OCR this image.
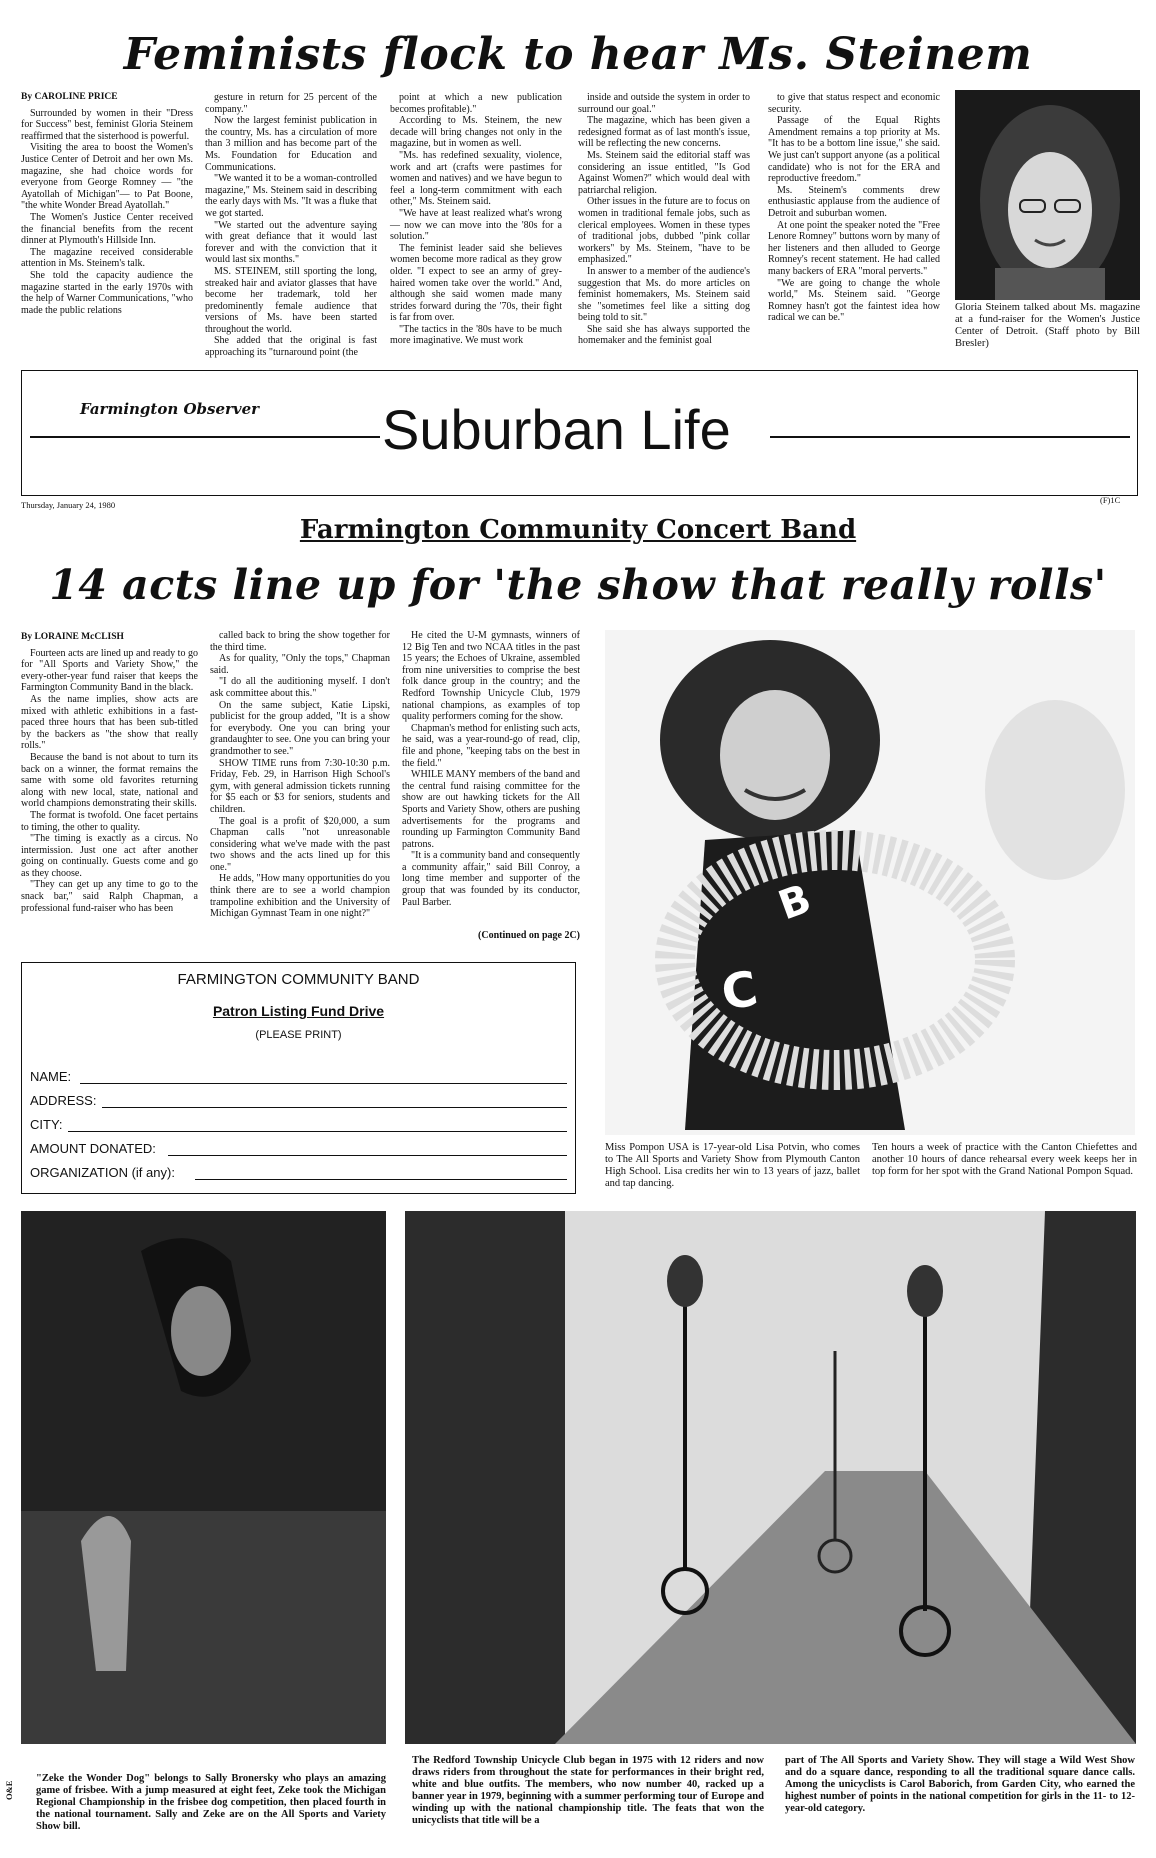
Feminists flock to hear Ms. Steinem
By CAROLINE PRICE

Surrounded by women in their "Dress for Success" best, feminist Gloria Steinem reaffirmed that the sisterhood is powerful.

Visiting the area to boost the Women's Justice Center of Detroit and her own Ms. magazine, she had choice words for everyone from George Romney — "the Ayatollah of Michigan"— to Pat Boone, "the white Wonder Bread Ayatollah."

The Women's Justice Center received the financial benefits from the recent dinner at Plymouth's Hillside Inn.

The magazine received considerable attention in Ms. Steinem's talk.

She told the capacity audience the magazine started in the early 1970s with the help of Warner Communications, "who made the public relations

gesture in return for 25 percent of the company."

Now the largest feminist publication in the country, Ms. has a circulation of more than 3 million and has become part of the Ms. Foundation for Education and Communications.

"We wanted it to be a woman-controlled magazine," Ms. Steinem said in describing the early days with Ms. "It was a fluke that we got started.

"We started out the adventure saying with great defiance that it would last forever and with the conviction that it would last six months."

MS. STEINEM, still sporting the long, streaked hair and aviator glasses that have become her trademark, told her predominently female audience that versions of Ms. have been started throughout the world.

She added that the original is fast approaching its "turnaround point (the

point at which a new publication becomes profitable)."

According to Ms. Steinem, the new decade will bring changes not only in the magazine, but in women as well.

"Ms. has redefined sexuality, violence, work and art (crafts were pastimes for women and natives) and we have begun to feel a long-term commitment with each other," Ms. Steinem said.

"We have at least realized what's wrong — now we can move into the '80s for a solution."

The feminist leader said she believes women become more radical as they grow older. "I expect to see an army of grey-haired women take over the world." And, although she said women made many strides forward during the '70s, their fight is far from over.

"The tactics in the '80s have to be much more imaginative. We must work

inside and outside the system in order to surround our goal."

The magazine, which has been given a redesigned format as of last month's issue, will be reflecting the new concerns.

Ms. Steinem said the editorial staff was considering an issue entitled, "Is God Against Women?" which would deal with patriarchal religion.

Other issues in the future are to focus on women in traditional female jobs, such as clerical employees. Women in these types of traditional jobs, dubbed "pink collar workers" by Ms. Steinem, "have to be emphasized."

In answer to a member of the audience's suggestion that Ms. do more articles on feminist homemakers, Ms. Steinem said she "sometimes feel like a sitting dog being told to sit."

She said she has always supported the homemaker and the feminist goal

to give that status respect and economic security.

Passage of the Equal Rights Amendment remains a top priority at Ms. "It has to be a bottom line issue," she said. We just can't support anyone (as a political candidate) who is not for the ERA and reproductive freedom."

Ms. Steinem's comments drew enthusiastic applause from the audience of Detroit and suburban women.

At one point the speaker noted the "Free Lenore Romney" buttons worn by many of her listeners and then alluded to George Romney's recent statement. He had called many backers of ERA "moral perverts."

"We are going to change the whole world," Ms. Steinem said. "George Romney hasn't got the faintest idea how radical we can be."

Gloria Steinem talked about Ms. magazine at a fund-raiser for the Women's Justice Center of Detroit. (Staff photo by Bill Bresler)
Farmington Observer Suburban Life
Thursday, January 24, 1980	(F)1C
Farmington Community Concert Band
14 acts line up for 'the show that really rolls'
By LORAINE McCLISH

Fourteen acts are lined up and ready to go for "All Sports and Variety Show," the every-other-year fund raiser that keeps the Farmington Community Band in the black.

As the name implies, show acts are mixed with athletic exhibitions in a fast-paced three hours that has been sub-titled by the backers as "the show that really rolls."

Because the band is not about to turn its back on a winner, the format remains the same with some old favorites returning along with new local, state, national and world champions demonstrating their skills.

The format is twofold. One facet pertains to timing, the other to quality.

"The timing is exactly as a circus. No intermission. Just one act after another going on continually. Guests come and go as they choose.

"They can get up any time to go to the snack bar," said Ralph Chapman, a professional fund-raiser who has been

called back to bring the show together for the third time.

As for quality, "Only the tops," Chapman said.

"I do all the auditioning myself. I don't ask committee about this."

On the same subject, Katie Lipski, publicist for the group added, "It is a show for everybody. One you can bring your grandaughter to see. One you can bring your grandmother to see."

SHOW TIME runs from 7:30-10:30 p.m. Friday, Feb. 29, in Harrison High School's gym, with general admission tickets running for $5 each or $3 for seniors, students and children.

The goal is a profit of $20,000, a sum Chapman calls "not unreasonable considering what we've made with the past two shows and the acts lined up for this one."

He adds, "How many opportunities do you think there are to see a world champion trampoline exhibition and the University of Michigan Gymnast Team in one night?"

He cited the U-M gymnasts, winners of 12 Big Ten and two NCAA titles in the past 15 years; the Echoes of Ukraine, assembled from nine universities to comprise the best folk dance group in the country; and the Redford Township Unicycle Club, 1979 national champions, as examples of top quality performers coming for the show.

Chapman's method for enlisting such acts, he said, was a year-round-go of read, clip, file and phone, "keeping tabs on the best in the field."

WHILE MANY members of the band and the central fund raising committee for the show are out hawking tickets for the All Sports and Variety Show, others are pushing advertisements for the programs and rounding up Farmington Community Band patrons.

"It is a community band and consequently a community affair," said Bill Conroy, a long time member and supporter of the group that was founded by its conductor, Paul Barber.

(Continued on page 2C)
FARMINGTON COMMUNITY BAND
Patron Listing Fund Drive
(PLEASE PRINT)
NAME:
ADDRESS:
CITY:
AMOUNT DONATED:
ORGANIZATION (if any):
B
C
Miss Pompon USA is 17-year-old Lisa Potvin, who comes to The All Sports and Variety Show from Plymouth Canton High School. Lisa credits her win to 13 years of jazz, ballet and tap dancing.
Ten hours a week of practice with the Canton Chiefettes and another 10 hours of dance rehearsal every week keeps her in top form for her spot with the Grand National Pompon Squad.
"Zeke the Wonder Dog" belongs to Sally Bronersky who plays an amazing game of frisbee. With a jump measured at eight feet, Zeke took the Michigan Regional Championship in the frisbee dog competition, then placed fourth in the national tournament. Sally and Zeke are on the All Sports and Variety Show bill.
O&E
The Redford Township Unicycle Club began in 1975 with 12 riders and now draws riders from throughout the state for performances in their bright red, white and blue outfits. The members, who now number 40, racked up a banner year in 1979, beginning with a summer performing tour of Europe and winding up with the national championship title. The feats that won the unicyclists that title will be a
part of The All Sports and Variety Show. They will stage a Wild West Show and do a square dance, responding to all the traditional square dance calls. Among the unicyclists is Carol Baborich, from Garden City, who earned the highest number of points in the national competition for girls in the 11- to 12-year-old category.
